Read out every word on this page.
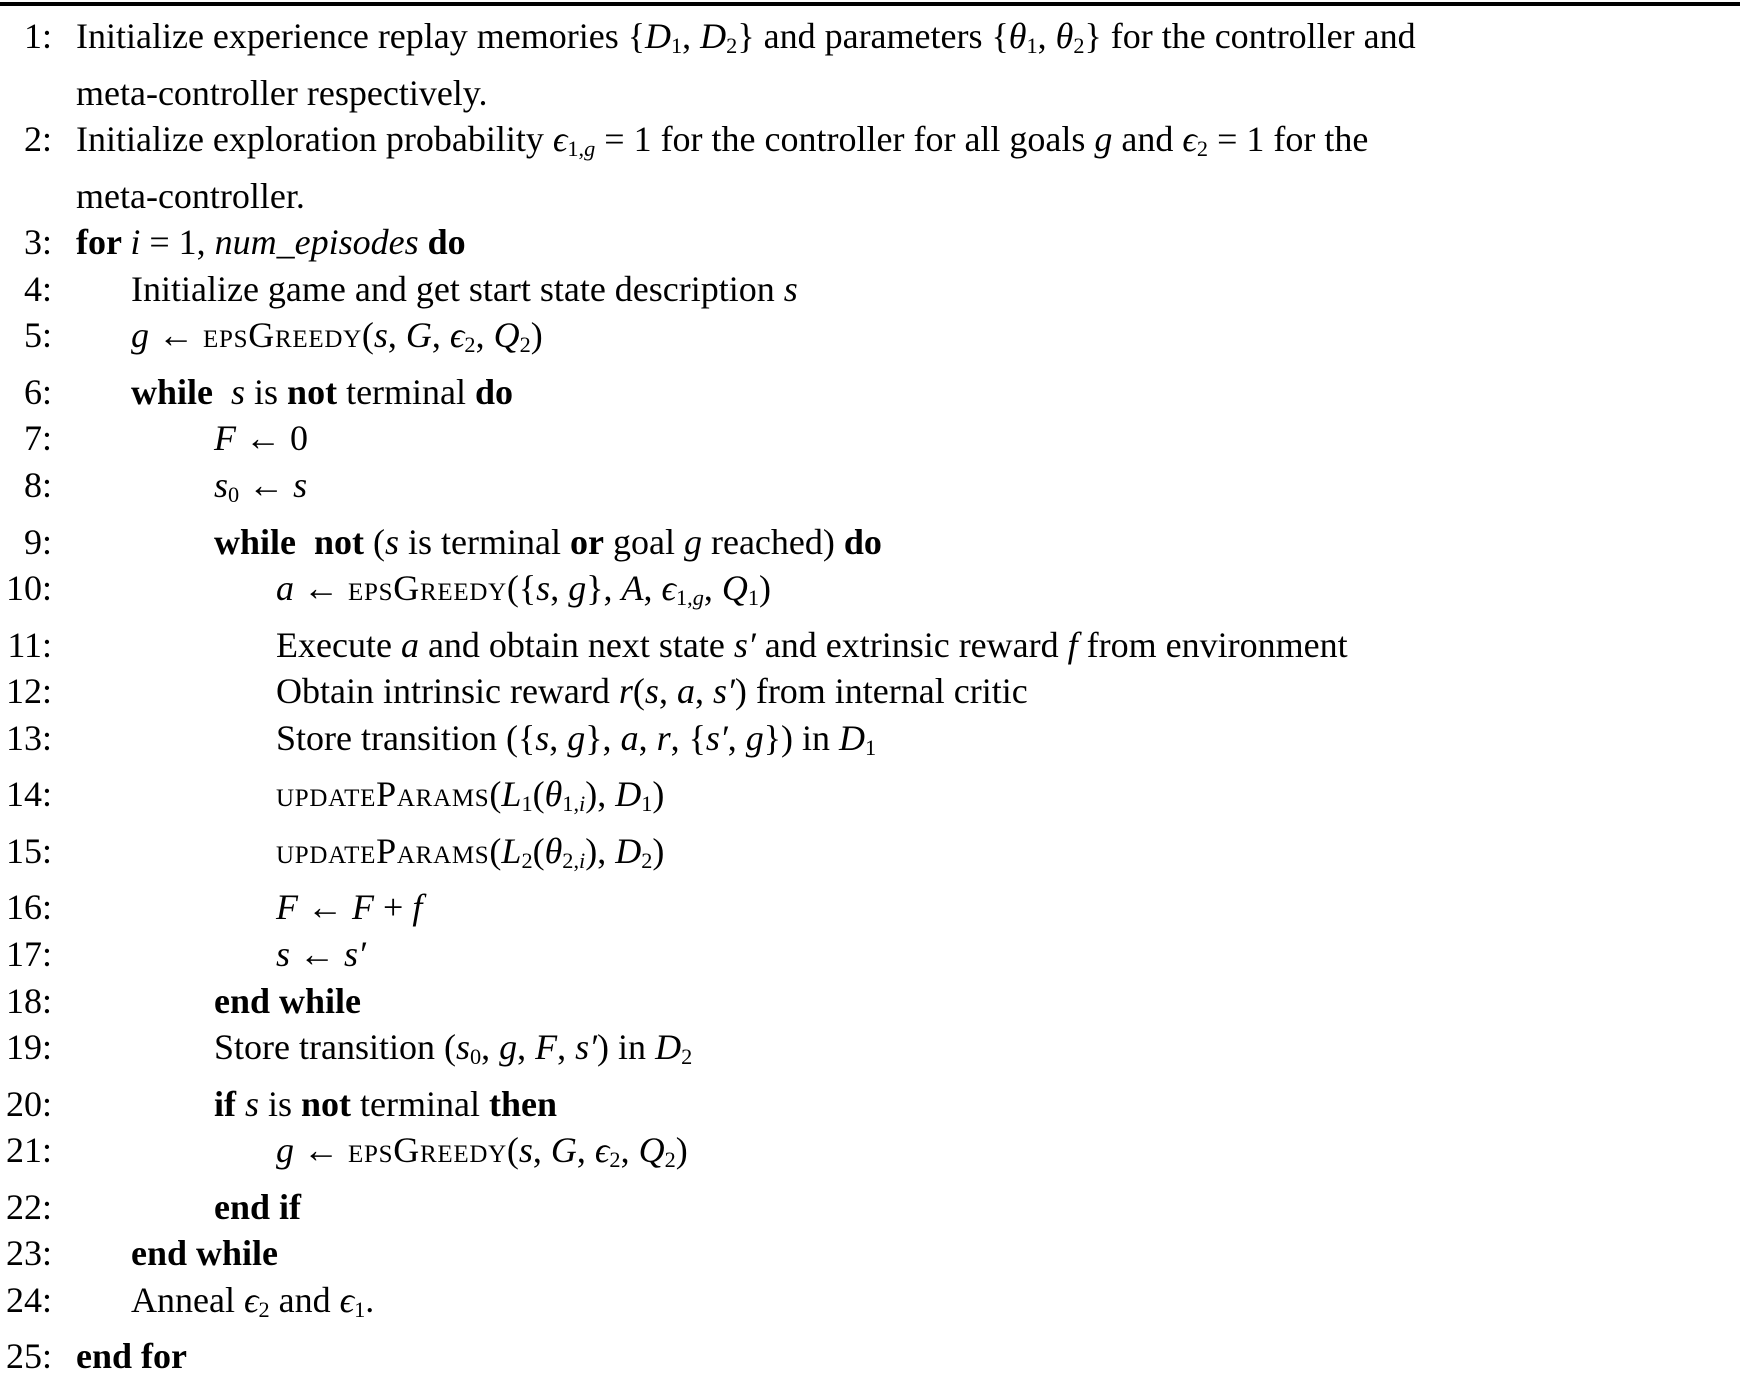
1: Initialize experience replay memories {D1, D2} and parameters {θ1, θ2} for the controller and
meta-controller respectively.
2: Initialize exploration probability ϵ1,g = 1 for the controller for all goals g and ϵ2 = 1 for the
meta-controller.
3: for i = 1, num_episodes do
4: Initialize game and get start state description s
5: g ← epsGreedy(s, G, ϵ2, Q2)
6: while s is not terminal do
7:	F ← 0
8:	s0 ← s
9:	while not (s is terminal or goal g reached) do
10:	a ← epsGreedy({s, g}, A, ϵ1,g, Q1)
11:	Execute a and obtain next state s′ and extrinsic reward f from environment
12:	Obtain intrinsic reward r(s, a, s′) from internal critic
13:	Store transition ({s, g}, a, r, {s′, g}) in D1
14:	updateParams(L1(θ1,i), D1)
15:	updateParams(L2(θ2,i), D2)
16:	F ← F + f
17:	s ← s′
18:	end while
19:	Store transition (s0, g, F, s′) in D2
20:	if s is not terminal then
21:	g ← epsGreedy(s, G, ϵ2, Q2)
22:	end if
23: end while
24: Anneal ϵ2 and ϵ1.
25: end for
